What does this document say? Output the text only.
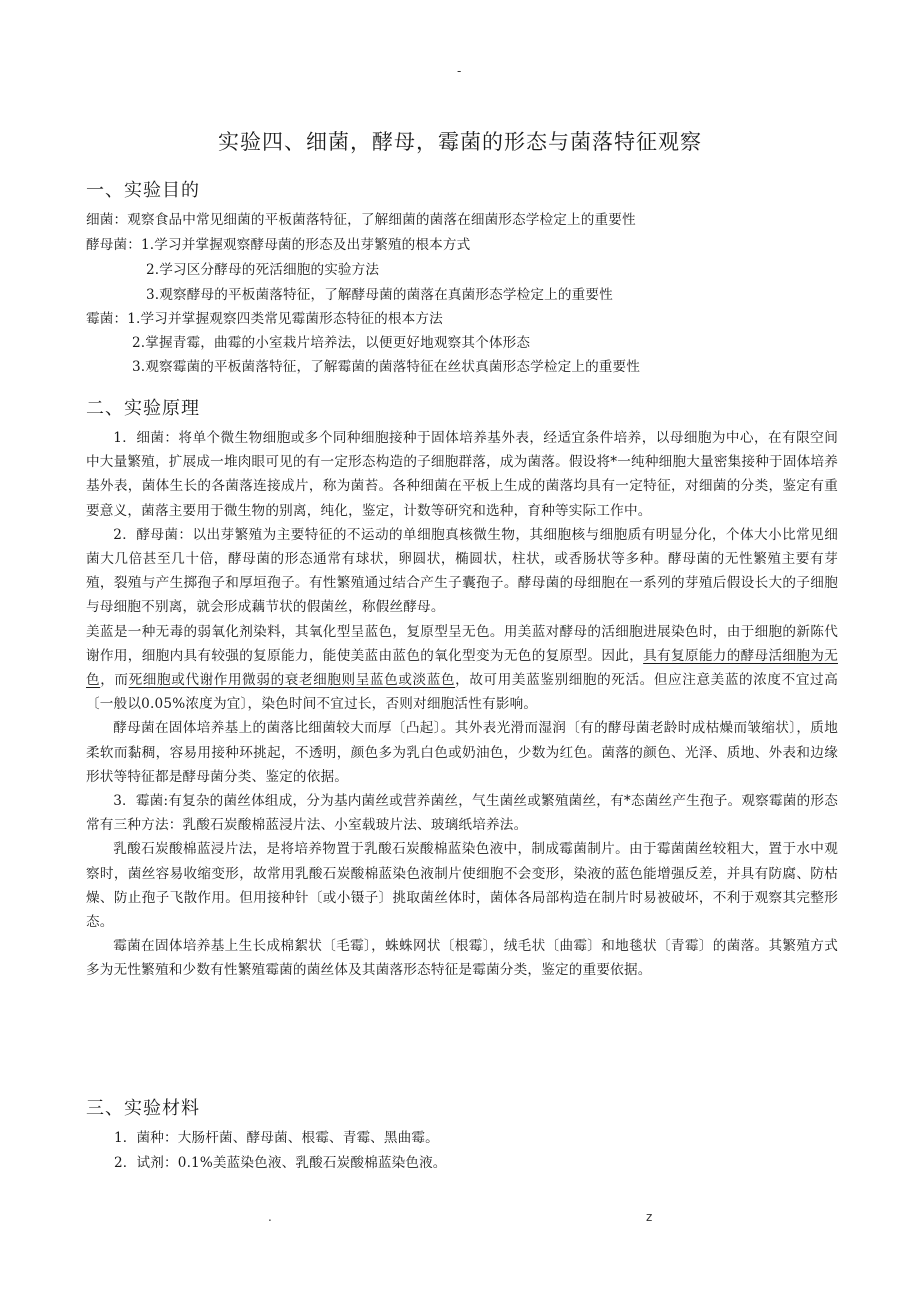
-
实验四、细菌，酵母，霉菌的形态与菌落特征观察
一、实验目的
细菌：观察食品中常见细菌的平板菌落特征，了解细菌的菌落在细菌形态学检定上的重要性
酵母菌：1.学习并掌握观察酵母菌的形态及出芽繁殖的根本方式
2.学习区分酵母的死活细胞的实验方法
3.观察酵母的平板菌落特征，了解酵母菌的菌落在真菌形态学检定上的重要性
霉菌：1.学习并掌握观察四类常见霉菌形态特征的根本方法
2.掌握青霉，曲霉的小室栽片培养法，以便更好地观察其个体形态
3.观察霉菌的平板菌落特征，了解霉菌的菌落特征在丝状真菌形态学检定上的重要性
二、实验原理

1．细菌：将单个微生物细胞或多个同种细胞接种于固体培养基外表，经适宜条件培养，以母细胞为中心，在有限空间中大量繁殖，扩展成一堆肉眼可见的有一定形态构造的子细胞群落，成为菌落。假设将*一纯种细胞大量密集接种于固体培养基外表，菌体生长的各菌落连接成片，称为菌苔。各种细菌在平板上生成的菌落均具有一定特征，对细菌的分类，鉴定有重要意义，菌落主要用于微生物的别离，纯化，鉴定，计数等研究和选种，育种等实际工作中。

2．酵母菌：以出芽繁殖为主要特征的不运动的单细胞真核微生物，其细胞核与细胞质有明显分化，个体大小比常见细菌大几倍甚至几十倍，酵母菌的形态通常有球状，卵圆状，椭圆状，柱状，或香肠状等多种。酵母菌的无性繁殖主要有芽殖，裂殖与产生掷孢子和厚垣孢子。有性繁殖通过结合产生子囊孢子。酵母菌的母细胞在一系列的芽殖后假设长大的子细胞与母细胞不别离，就会形成藕节状的假菌丝，称假丝酵母。

美蓝是一种无毒的弱氧化剂染料，其氧化型呈蓝色，复原型呈无色。用美蓝对酵母的活细胞进展染色时，由于细胞的新陈代谢作用，细胞内具有较强的复原能力，能使美蓝由蓝色的氧化型变为无色的复原型。因此，具有复原能力的酵母活细胞为无色，而死细胞或代谢作用微弱的衰老细胞则呈蓝色或淡蓝色，故可用美蓝鉴别细胞的死活。但应注意美蓝的浓度不宜过高〔一般以0.05%浓度为宜〕，染色时间不宜过长，否则对细胞活性有影响。

酵母菌在固体培养基上的菌落比细菌较大而厚〔凸起〕。其外表光滑而湿润〔有的酵母菌老龄时成枯燥而皱缩状〕，质地柔软而黏稠，容易用接种环挑起，不透明，颜色多为乳白色或奶油色，少数为红色。菌落的颜色、光泽、质地、外表和边缘形状等特征都是酵母菌分类、鉴定的依据。

3．霉菌:有复杂的菌丝体组成，分为基内菌丝或营养菌丝，气生菌丝或繁殖菌丝，有*态菌丝产生孢子。观察霉菌的形态常有三种方法：乳酸石炭酸棉蓝浸片法、小室载玻片法、玻璃纸培养法。

乳酸石炭酸棉蓝浸片法，是将培养物置于乳酸石炭酸棉蓝染色液中，制成霉菌制片。由于霉菌菌丝较粗大，置于水中观察时，菌丝容易收缩变形，故常用乳酸石炭酸棉蓝染色液制片使细胞不会变形，染液的蓝色能增强反差，并具有防腐、防枯燥、防止孢子飞散作用。但用接种针〔或小镊子〕挑取菌丝体时，菌体各局部构造在制片时易被破坏，不利于观察其完整形态。

霉菌在固体培养基上生长成棉絮状〔毛霉〕，蛛蛛网状〔根霉〕，绒毛状〔曲霉〕和地毯状〔青霉〕的菌落。其繁殖方式多为无性繁殖和少数有性繁殖霉菌的菌丝体及其菌落形态特征是霉菌分类，鉴定的重要依据。

三、实验材料
1．菌种：大肠杆菌、酵母菌、根霉、青霉、黑曲霉。
2．试剂：0.1%美蓝染色液、乳酸石炭酸棉蓝染色液。
.	z
